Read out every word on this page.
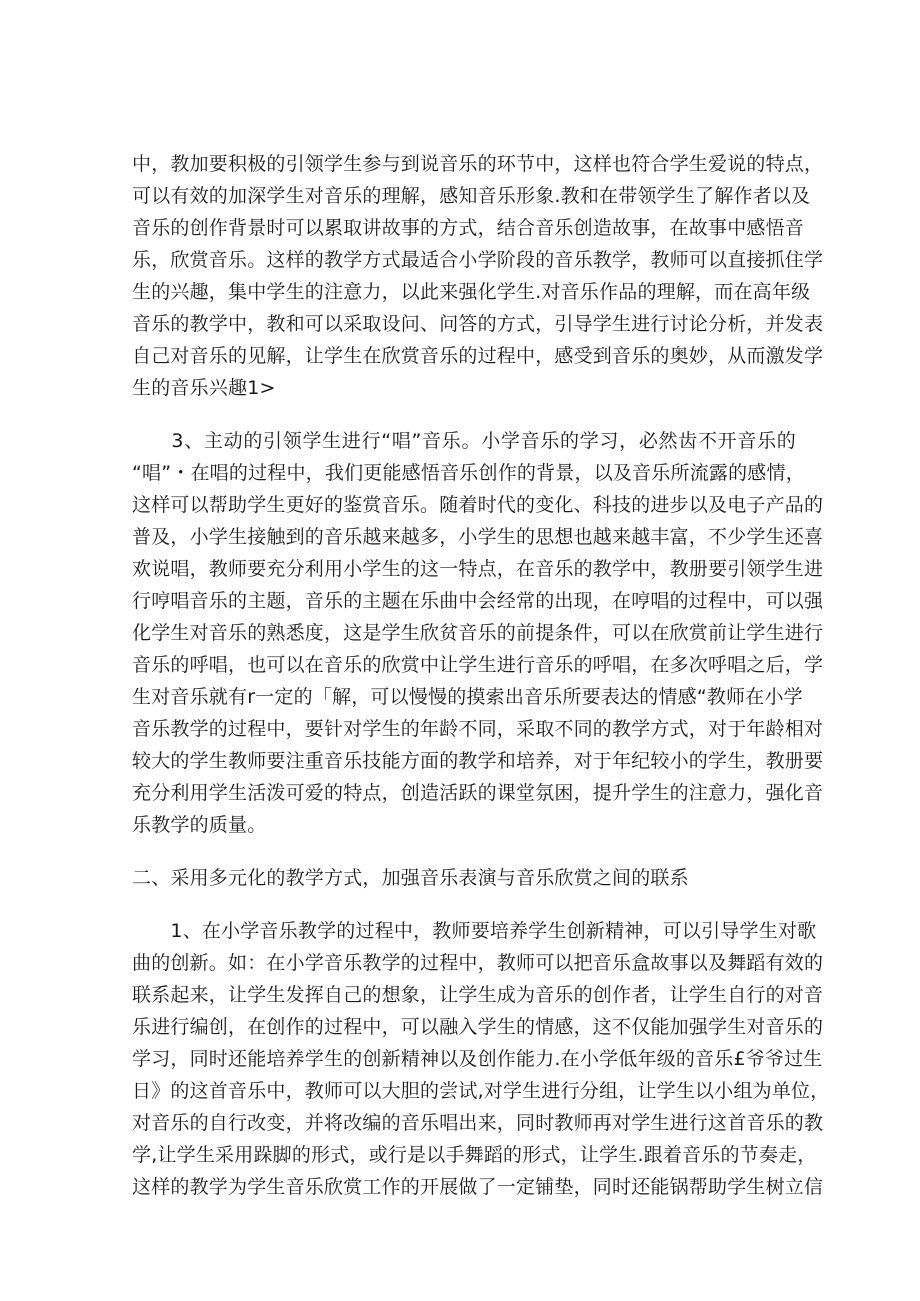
中，教加要积极的引领学生参与到说音乐的环节中，这样也符合学生爱说的特点，
可以有效的加深学生对音乐的理解，感知音乐形象.教和在带领学生了解作者以及
音乐的创作背景时可以累取讲故事的方式，结合音乐创造故事，在故事中感悟音
乐，欣赏音乐。这样的教学方式最适合小学阶段的音乐教学，教师可以直接抓住学
生的兴趣，集中学生的注意力，以此来强化学生.对音乐作品的理解，而在高年级
音乐的教学中，教和可以采取设问、问答的方式，引导学生进行讨论分析，并发表
自己对音乐的见解，让学生在欣赏音乐的过程中，感受到音乐的奥妙，从而激发学
生的音乐兴趣1>
　　3、主动的引领学生进行“唱”音乐。小学音乐的学习，必然齿不开音乐的
“唱”・在唱的过程中，我们更能感悟音乐创作的背景，以及音乐所流露的感情，
这样可以帮助学生更好的鉴赏音乐。随着时代的变化、科技的进步以及电子产品的
普及，小学生接触到的音乐越来越多，小学生的思想也越来越丰富，不少学生还喜
欢说唱，教师要充分利用小学生的这一特点，在音乐的教学中，教册要引领学生进
行哼唱音乐的主题，音乐的主题在乐曲中会经常的出现，在哼唱的过程中，可以强
化学生对音乐的熟悉度，这是学生欣贫音乐的前提条件，可以在欣赏前让学生进行
音乐的呼唱，也可以在音乐的欣赏中让学生进行音乐的呼唱，在多次呼唱之后，学
生对音乐就有r一定的「解，可以慢慢的摸索出音乐所要表达的情感“教师在小学
音乐教学的过程中，要针对学生的年龄不同，采取不同的教学方式，对于年龄相对
较大的学生教师要注重音乐技能方面的教学和培养，对于年纪较小的学生，教册要
充分利用学生活泼可爱的特点，创造活跃的课堂氛困，提升学生的注意力，强化音
乐教学的质量。
二、采用多元化的教学方式，加强音乐表演与音乐欣赏之间的联系
　　1、在小学音乐教学的过程中，教师要培养学生创新精神，可以引导学生对歌
曲的创新。如：在小学音乐教学的过程中，教师可以把音乐盒故事以及舞蹈有效的
联系起来，让学生发挥自己的想象，让学生成为音乐的创作者，让学生自行的对音
乐进行编创，在创作的过程中，可以融入学生的情感，这不仅能加强学生对音乐的
学习，同时还能培养学生的创新精神以及创作能力.在小学低年级的音乐£爷爷过生
日》的这首音乐中，教师可以大胆的尝试,对学生进行分组，让学生以小组为单位，
对音乐的自行改变，并将改编的音乐唱出来，同时教师再对学生进行这首音乐的教
学,让学生采用跺脚的形式，或行是以手舞蹈的形式，让学生.跟着音乐的节奏走，
这样的教学为学生音乐欣赏工作的开展做了一定铺垫，同时还能锅帮助学生树立信
